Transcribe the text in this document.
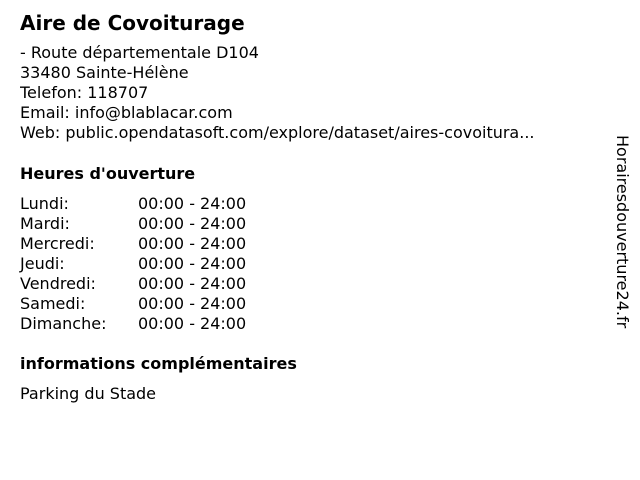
Aire de Covoiturage
- Route départementale D104
33480 Sainte-Hélène
Telefon: 118707
Email: info@blablacar.com
Web: public.opendatasoft.com/explore/dataset/aires-covoitura...
Heures d'ouverture
Lundi:	00:00 - 24:00
Mardi:	00:00 - 24:00
Mercredi:	00:00 - 24:00
Jeudi:	00:00 - 24:00
Vendredi:	00:00 - 24:00
Samedi:	00:00 - 24:00
Dimanche: 00:00 - 24:00
informations complémentaires
Parking du Stade
Horairesdouverture24.fr
